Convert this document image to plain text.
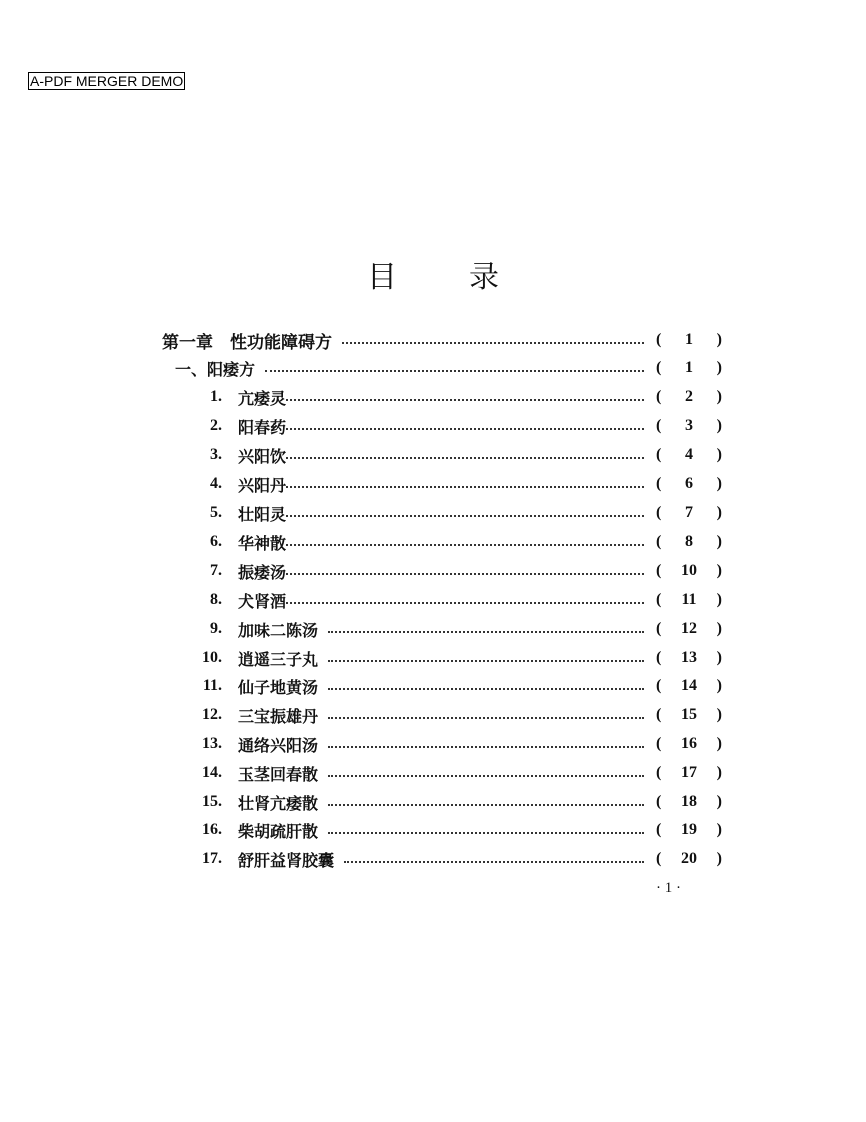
A-PDF MERGER DEMO
目 录
第一章　性功能障碍方	( 1 )
一、阳痿方	( 1 )
1. 亢痿灵	( 2 )
2. 阳春药	( 3 )
3. 兴阳饮	( 4 )
4. 兴阳丹	( 6 )
5. 壮阳灵	( 7 )
6. 华神散	( 8 )
7. 振痿汤	( 10 )
8. 犬肾酒	( 11 )
9. 加味二陈汤	( 12 )
10. 逍遥三子丸	( 13 )
11. 仙子地黄汤	( 14 )
12. 三宝振雄丹	( 15 )
13. 通络兴阳汤	( 16 )
14. 玉茎回春散	( 17 )
15. 壮肾亢痿散	( 18 )
16. 柴胡疏肝散	( 19 )
17. 舒肝益肾胶囊	( 20 )
· 1 ·
